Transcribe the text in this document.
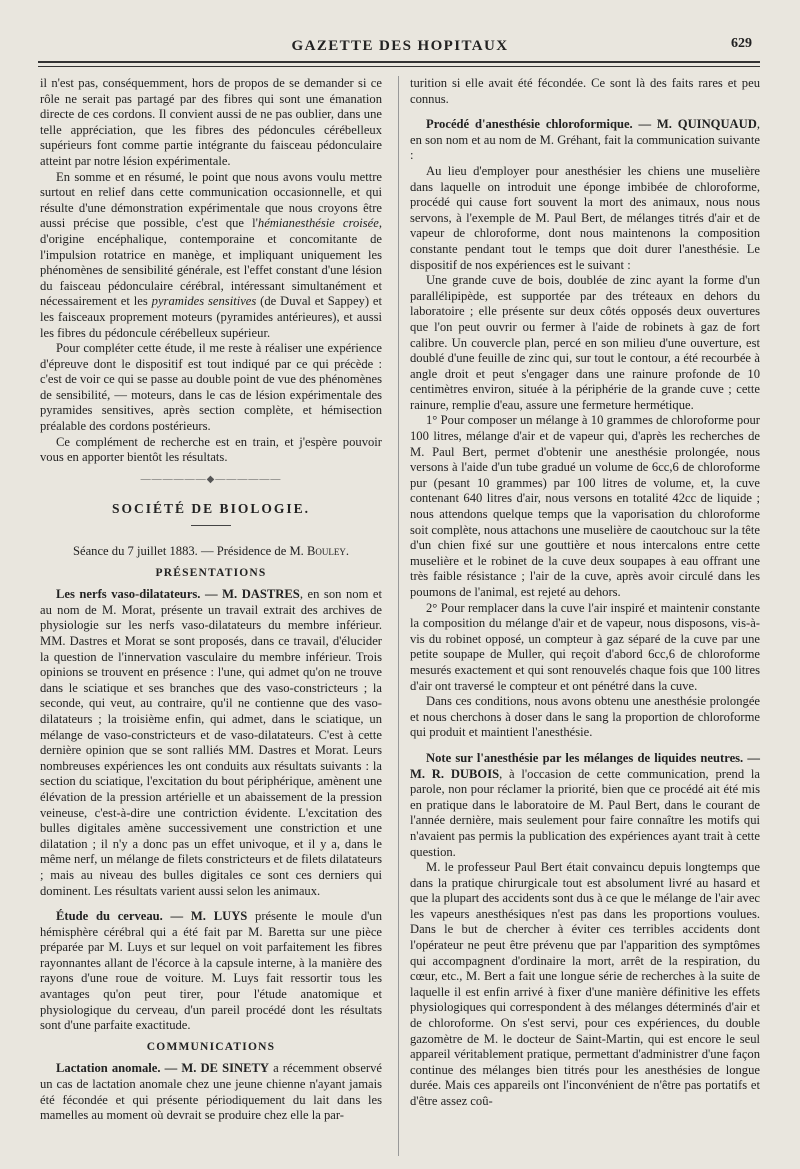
GAZETTE DES HOPITAUX	629

il n'est pas, conséquemment, hors de propos de se demander si ce rôle ne serait pas partagé par des fibres qui sont une émanation directe de ces cordons. Il convient aussi de ne pas oublier, dans une telle appréciation, que les fibres des pédoncules cérébelleux supérieurs font comme partie intégrante du faisceau pédonculaire atteint par notre lésion expérimentale.

En somme et en résumé, le point que nous avons voulu mettre surtout en relief dans cette communication occasionnelle, et qui résulte d'une démonstration expérimentale que nous croyons être aussi précise que possible, c'est que l'hémianesthésie croisée, d'origine encéphalique, contemporaine et concomitante de l'impulsion rotatrice en manège, et impliquant uniquement les phénomènes de sensibilité générale, est l'effet constant d'une lésion du faisceau pédonculaire cérébral, intéressant simultanément et nécessairement et les pyramides sensitives (de Duval et Sappey) et les faisceaux proprement moteurs (pyramides antérieures), et aussi les fibres du pédoncule cérébelleux supérieur.

Pour compléter cette étude, il me reste à réaliser une expérience d'épreuve dont le dispositif est tout indiqué par ce qui précède : c'est de voir ce qui se passe au double point de vue des phénomènes de sensibilité, — moteurs, dans le cas de lésion expérimentale des pyramides sensitives, après section complète, et hémisection préalable des cordons postérieurs.

Ce complément de recherche est en train, et j'espère pouvoir vous en apporter bientôt les résultats.

——————◆——————
SOCIÉTÉ DE BIOLOGIE.
Séance du 7 juillet 1883. — Présidence de M. Bouley.
PRÉSENTATIONS

Les nerfs vaso-dilatateurs. — M. DASTRES, en son nom et au nom de M. Morat, présente un travail extrait des archives de physiologie sur les nerfs vaso-dilatateurs du membre inférieur. MM. Dastres et Morat se sont proposés, dans ce travail, d'élucider la question de l'innervation vasculaire du membre inférieur. Trois opinions se trouvent en présence : l'une, qui admet qu'on ne trouve dans le sciatique et ses branches que des vaso-constricteurs ; la seconde, qui veut, au contraire, qu'il ne contienne que des vaso-dilatateurs ; la troisième enfin, qui admet, dans le sciatique, un mélange de vaso-constricteurs et de vaso-dilatateurs. C'est à cette dernière opinion que se sont ralliés MM. Dastres et Morat. Leurs nombreuses expériences les ont conduits aux résultats suivants : la section du sciatique, l'excitation du bout périphérique, amènent une élévation de la pression artérielle et un abaissement de la pression veineuse, c'est-à-dire une contriction évidente. L'excitation des bulles digitales amène successivement une constriction et une dilatation ; il n'y a donc pas un effet univoque, et il y a, dans le même nerf, un mélange de filets constricteurs et de filets dilatateurs ; mais au niveau des bulles digitales ce sont ces derniers qui dominent. Les résultats varient aussi selon les animaux.

Étude du cerveau. — M. LUYS présente le moule d'un hémisphère cérébral qui a été fait par M. Baretta sur une pièce préparée par M. Luys et sur lequel on voit parfaitement les fibres rayonnantes allant de l'écorce à la capsule interne, à la manière des rayons d'une roue de voiture. M. Luys fait ressortir tous les avantages qu'on peut tirer, pour l'étude anatomique et physiologique du cerveau, d'un pareil procédé dont les résultats sont d'une parfaite exactitude.

COMMUNICATIONS

Lactation anomale. — M. DE SINETY a récemment observé un cas de lactation anomale chez une jeune chienne n'ayant jamais été fécondée et qui présente périodiquement du lait dans les mamelles au moment où devrait se produire chez elle la par-

turition si elle avait été fécondée. Ce sont là des faits rares et peu connus.

Procédé d'anesthésie chloroformique. — M. QUINQUAUD, en son nom et au nom de M. Gréhant, fait la communication suivante :

Au lieu d'employer pour anesthésier les chiens une muselière dans laquelle on introduit une éponge imbibée de chloroforme, procédé qui cause fort souvent la mort des animaux, nous nous servons, à l'exemple de M. Paul Bert, de mélanges titrés d'air et de vapeur de chloroforme, dont nous maintenons la composition constante pendant tout le temps que doit durer l'anesthésie. Le dispositif de nos expériences est le suivant :

Une grande cuve de bois, doublée de zinc ayant la forme d'un parallélipipède, est supportée par des tréteaux en dehors du laboratoire ; elle présente sur deux côtés opposés deux ouvertures que l'on peut ouvrir ou fermer à l'aide de robinets à gaz de fort calibre. Un couvercle plan, percé en son milieu d'une ouverture, est doublé d'une feuille de zinc qui, sur tout le contour, a été recourbée à angle droit et peut s'engager dans une rainure profonde de 10 centimètres environ, située à la périphérie de la grande cuve ; cette rainure, remplie d'eau, assure une fermeture hermétique.

1° Pour composer un mélange à 10 grammes de chloroforme pour 100 litres, mélange d'air et de vapeur qui, d'après les recherches de M. Paul Bert, permet d'obtenir une anesthésie prolongée, nous versons à l'aide d'un tube gradué un volume de 6cc,6 de chloroforme pur (pesant 10 grammes) par 100 litres de volume, et, la cuve contenant 640 litres d'air, nous versons en totalité 42cc de liquide ; nous attendons quelque temps que la vaporisation du chloroforme soit complète, nous attachons une muselière de caoutchouc sur la tête d'un chien fixé sur une gouttière et nous intercalons entre cette muselière et le robinet de la cuve deux soupapes à eau offrant une très faible résistance ; l'air de la cuve, après avoir circulé dans les poumons de l'animal, est rejeté au dehors.

2° Pour remplacer dans la cuve l'air inspiré et maintenir constante la composition du mélange d'air et de vapeur, nous disposons, vis-à-vis du robinet opposé, un compteur à gaz séparé de la cuve par une petite soupape de Muller, qui reçoit d'abord 6cc,6 de chloroforme mesurés exactement et qui sont renouvelés chaque fois que 100 litres d'air ont traversé le compteur et ont pénétré dans la cuve.

Dans ces conditions, nous avons obtenu une anesthésie prolongée et nous cherchons à doser dans le sang la proportion de chloroforme qui produit et maintient l'anesthésie.

Note sur l'anesthésie par les mélanges de liquides neutres. — M. R. DUBOIS, à l'occasion de cette communication, prend la parole, non pour réclamer la priorité, bien que ce procédé ait été mis en pratique dans le laboratoire de M. Paul Bert, dans le courant de l'année dernière, mais seulement pour faire connaître les motifs qui n'avaient pas permis la publication des expériences ayant trait à cette question.

M. le professeur Paul Bert était convaincu depuis longtemps que dans la pratique chirurgicale tout est absolument livré au hasard et que la plupart des accidents sont dus à ce que le mélange de l'air avec les vapeurs anesthésiques n'est pas dans les proportions voulues. Dans le but de chercher à éviter ces terribles accidents dont l'opérateur ne peut être prévenu que par l'apparition des symptômes qui accompagnent d'ordinaire la mort, arrêt de la respiration, du cœur, etc., M. Bert a fait une longue série de recherches à la suite de laquelle il est enfin arrivé à fixer d'une manière définitive les effets physiologiques qui correspondent à des mélanges déterminés d'air et de chloroforme. On s'est servi, pour ces expériences, du double gazomètre de M. le docteur de Saint-Martin, qui est encore le seul appareil véritablement pratique, permettant d'administrer d'une façon continue des mélanges bien titrés pour les anesthésies de longue durée. Mais ces appareils ont l'inconvénient de n'être pas portatifs et d'être assez coû-
